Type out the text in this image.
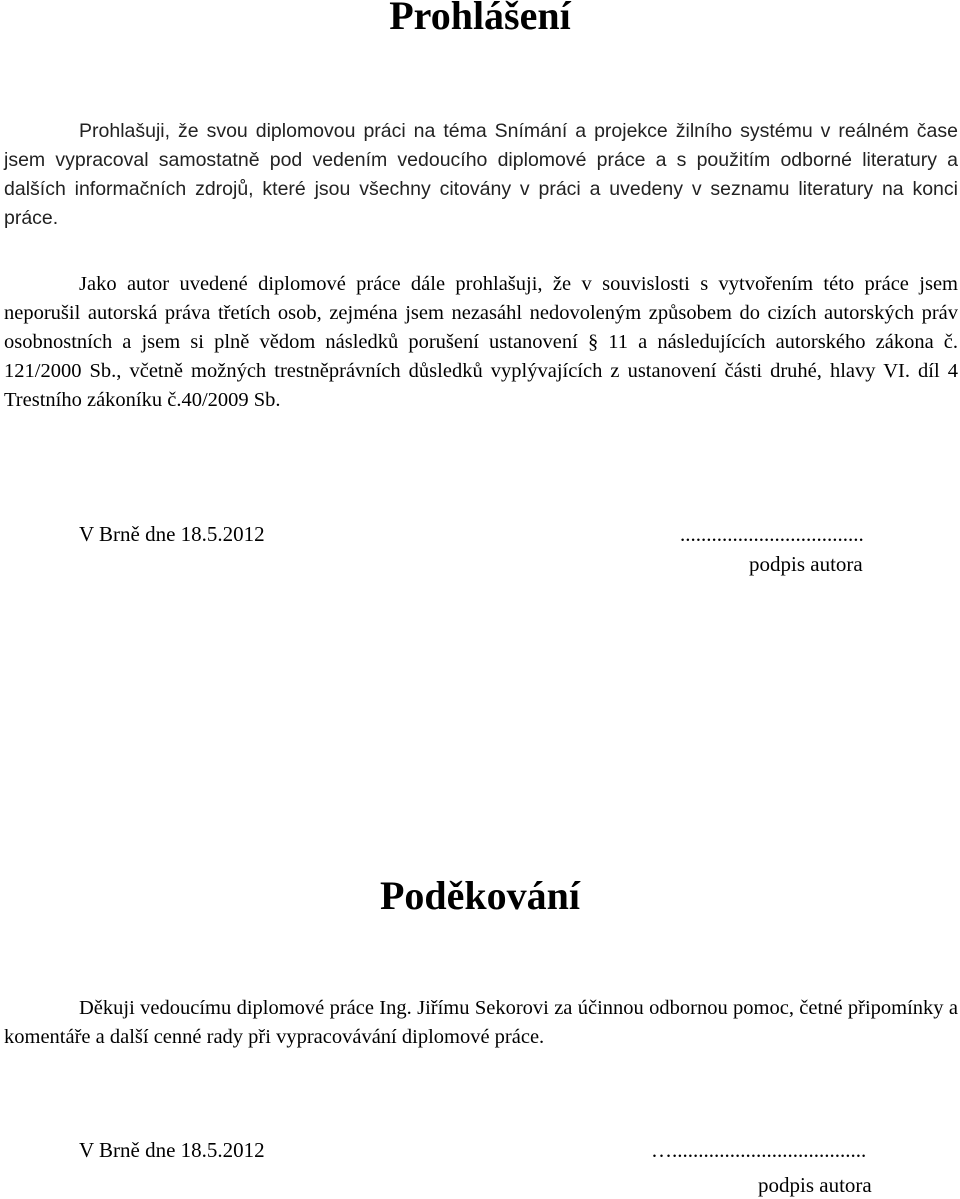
Prohlášení

Prohlašuji, že svou diplomovou práci na téma Snímání a projekce žilního systému v reálném čase jsem vypracoval samostatně pod vedením vedoucího diplomové práce a s použitím odborné literatury a dalších informačních zdrojů, které jsou všechny citovány v práci a uvedeny v seznamu literatury na konci práce.

Jako autor uvedené diplomové práce dále prohlašuji, že v souvislosti s vytvořením této práce jsem neporušil autorská práva třetích osob, zejména jsem nezasáhl nedovoleným způsobem do cizích autorských práv osobnostních a jsem si plně vědom následků porušení ustanovení § 11 a následujících autorského zákona č. 121/2000 Sb., včetně možných trestněprávních důsledků vyplývajících z ustanovení části druhé, hlavy VI. díl 4 Trestního zákoníku č.40/2009 Sb.

V Brně dne 18.5.2012	...................................
podpis autora
Poděkování

Děkuji vedoucímu diplomové práce Ing. Jiřímu Sekorovi za účinnou odbornou pomoc, četné připomínky a komentáře a další cenné rady při vypracovávání diplomové práce.

V Brně dne 18.5.2012	….....................................
podpis autora
